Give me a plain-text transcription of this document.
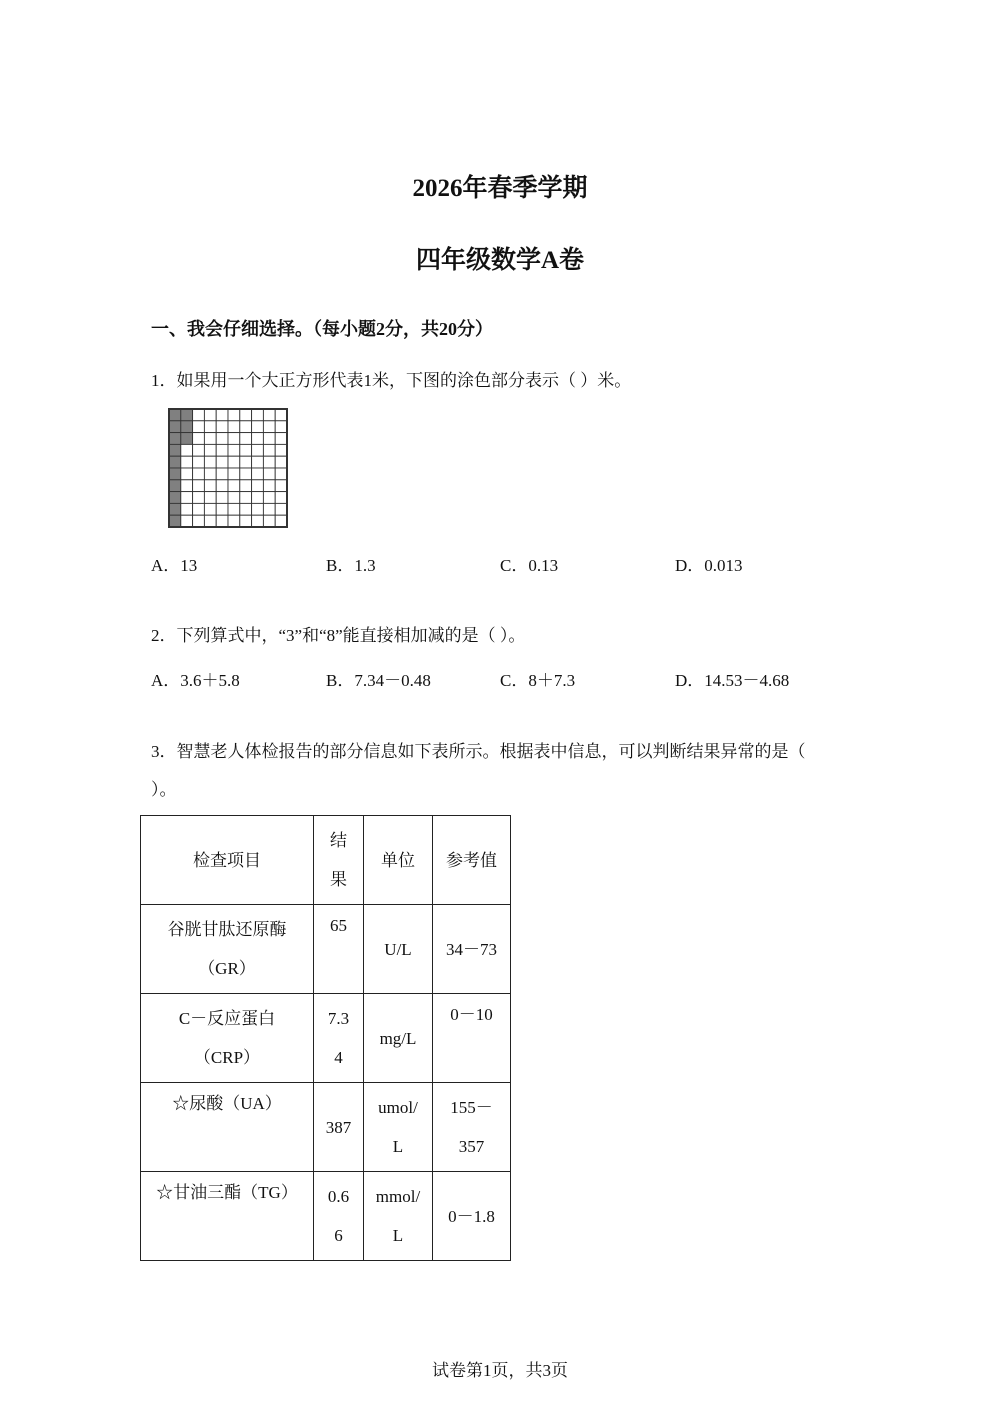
2026年春季学期
四年级数学A卷
一、我会仔细选择。（每小题2分，共20分）
1．如果用一个大正方形代表1米，下图的涂色部分表示（ ）米。
A．13	B．1.3	C．0.13	D．0.013
2．下列算式中，“3”和“8”能直接相加减的是（ ）。
A．3.6＋5.8	B．7.34－0.48	C．8＋7.3	D．14.53－4.68
3．智慧老人体检报告的部分信息如下表所示。根据表中信息，可以判断结果异常的是（
）。
检查项目	结果	单位	参考值

谷胱甘肽还原酶（GR）	65	U/L	34－73

C－反应蛋白（CRP）	7.34	mg/L	0－10

☆尿酸（UA）	387	umol/L	155－357

☆甘油三酯（TG）	0.66	mmol/L	0－1.8
试卷第1页，共3页
